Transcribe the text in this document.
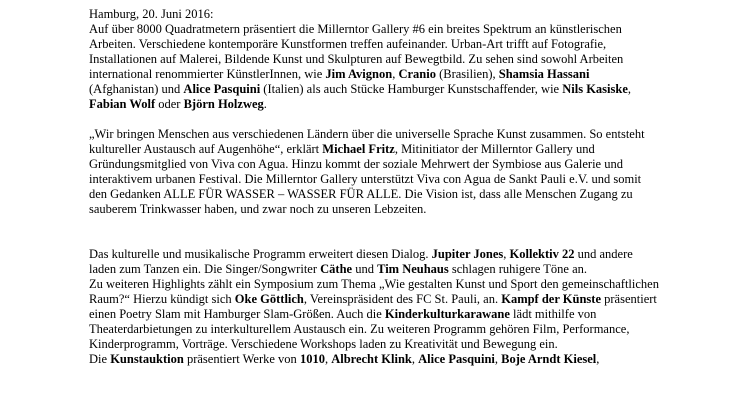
Hamburg, 20. Juni 2016:
Auf über 8000 Quadratmetern präsentiert die Millerntor Gallery #6 ein breites Spektrum an künstlerischen Arbeiten. Verschiedene kontemporäre Kunstformen treffen aufeinander. Urban-Art trifft auf Fotografie, Installationen auf Malerei, Bildende Kunst und Skulpturen auf Bewegtbild. Zu sehen sind sowohl Arbeiten international renommierter KünstlerInnen, wie Jim Avignon, Cranio (Brasilien), Shamsia Hassani (Afghanistan) und Alice Pasquini (Italien) als auch Stücke Hamburger Kunstschaffender, wie Nils Kasiske, Fabian Wolf oder Björn Holzweg.

„Wir bringen Menschen aus verschiedenen Ländern über die universelle Sprache Kunst zusammen. So entsteht kultureller Austausch auf Augenhöhe“, erklärt Michael Fritz, Mitinitiator der Millerntor Gallery und Gründungsmitglied von Viva con Agua. Hinzu kommt der soziale Mehrwert der Symbiose aus Galerie und interaktivem urbanen Festival. Die Millerntor Gallery unterstützt Viva con Agua de Sankt Pauli e.V. und somit den Gedanken ALLE FÜR WASSER – WASSER FÜR ALLE. Die Vision ist, dass alle Menschen Zugang zu sauberem Trinkwasser haben, und zwar noch zu unseren Lebzeiten.

Das kulturelle und musikalische Programm erweitert diesen Dialog. Jupiter Jones, Kollektiv 22 und andere laden zum Tanzen ein. Die Singer/Songwriter Cäthe und Tim Neuhaus schlagen ruhigere Töne an.

Zu weiteren Highlights zählt ein Symposium zum Thema „Wie gestalten Kunst und Sport den gemeinschaftlichen Raum?“ Hierzu kündigt sich Oke Göttlich, Vereinspräsident des FC St. Pauli, an. Kampf der Künste präsentiert einen Poetry Slam mit Hamburger Slam-Größen. Auch die Kinderkulturkarawane lädt mithilfe von Theaterdarbietungen zu interkulturellem Austausch ein. Zu weiteren Programm gehören Film, Performance, Kinderprogramm, Vorträge. Verschiedene Workshops laden zu Kreativität und Bewegung ein.

Die Kunstauktion präsentiert Werke von 1010, Albrecht Klink, Alice Pasquini, Boje Arndt Kiesel,
